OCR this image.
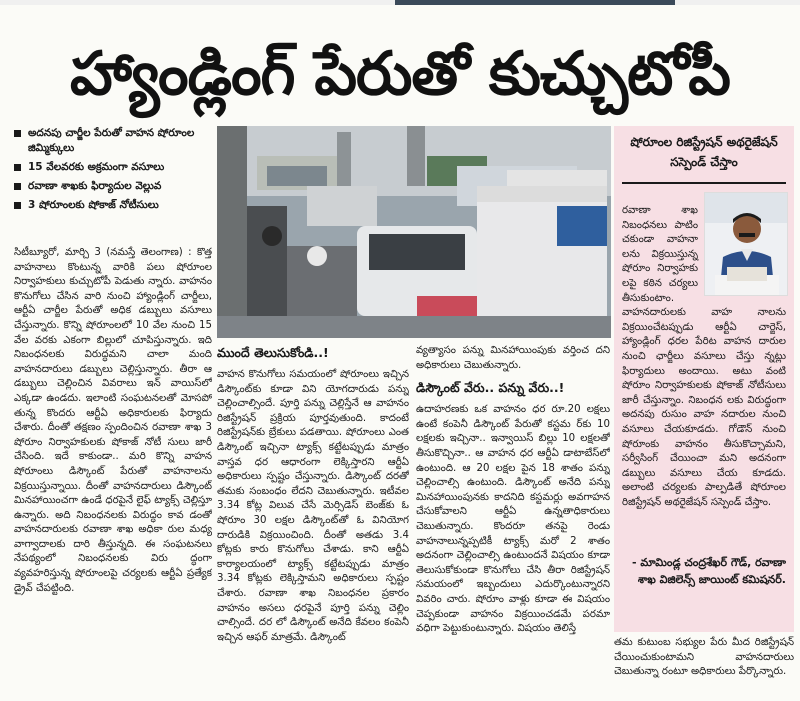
హ్యాండ్లింగ్ పేరుతో కుచ్చుటోపీ
అదనపు చార్జీల పేరుతో వాహన షోరూంల జిమ్మిక్కులు
15 వేలవరకు అక్రమంగా వసూలు
రవాణా శాఖకు ఫిర్యాదుల వెల్లువ
3 షోరూంలకు షోకాజ్ నోటీసులు

సిటీబ్యూరో, మార్చి 3 (నమస్తే తెలంగాణ) : కొత్త వాహనాలు కొంటున్న వారికి పలు షోరూంల నిర్వాహకులు కుచ్చుటోపీ పెడుతు న్నారు. వాహనం కొనుగోలు చేసిన వారి నుంచి హ్యాండ్లింగ్ చార్జీలు, ఆర్టీఏ చార్జీల పేరుతో అధిక డబ్బులు వసూలు చేస్తున్నారు. కొన్ని షోరూంలలో 10 వేల నుంచి 15 వేల వరకు ఎకంగా బిల్లులో చూపిస్తున్నారు. ఇది నిబంధనలకు విరుద్ధమని చాలా మంది వాహనదారులు డబ్బులు చెల్లిస్తున్నారు. తీరా ఆ డబ్బులు చెల్లించిన వివరాలు ఇన్ వాయిస్‌లో ఎక్కడా ఉండదు. ఇలాంటి సంఘటనలతో మోసపో తున్న కొందరు ఆర్టీఏ అధికారులకు ఫిర్యాదు చేశారు. దీంతో తక్షణం స్పందించిన రవాణా శాఖ 3 షోరూం నిర్వాహకులకు షోకాజ్ నోటీ సులు జారీ చేసింది. ఇదే కాకుండా.. మరి కొన్ని వాహన షోరూంలు డిస్కౌంట్ పేరుతో వాహనాలను విక్రయిస్తున్నాయి. దీంతో వాహనదారులు డిస్కౌంట్ మినహాయించగా ఉండే ధరపైనే లైఫ్ ట్యాక్స్ చెల్లిస్తూ ఉన్నారు. అది నిబంధనలకు విరుద్ధం కావ డంతో వాహనదారులకు రవాణా శాఖ అధికా రుల మధ్య వాగ్వాదాలకు దారి తీస్తున్నది. ఈ సంఘటనలు నేపథ్యంలో నిబంధనలకు విరు ద్ధంగా వ్యవహరిస్తున్న షోరూంలపై చర్యలకు ఆర్టీఏ ప్రత్యేక డ్రైవ్ చేపట్టింది.

ముందే తెలుసుకోండి..!

వాహన కొనుగోలు సమయంలో షోరూంలు ఇచ్చిన డిస్కౌంట్‌కు కూడా విని యోగదారుడు పన్ను చెల్లించాల్సిందే. పూర్తి పన్ను చెల్లిస్తేనే ఆ వాహనం రిజిస్ట్రేషన్ ప్రక్రియ పూర్తవుతుంది. కాదంటే రిజిస్ట్రేషన్‌కు బ్రేకులు పడతాయి. షోరూంలు ఎంత డిస్కౌంట్ ఇచ్చినా ట్యాక్స్ కట్టేటప్పుడు మాత్రం వాస్తవ ధర ఆధారంగా లెక్కిస్తారని ఆర్టీఏ అధికారులు స్పష్టం చేస్తున్నారు. డిస్కౌంట్ దరతో తమకు సంబంధం లేదని చెబుతున్నారు. ఇటీవల 3.34 కోట్ల విలువ చేసే మెర్సిడెస్ బెంజ్‌కు ఓ షోరూం 30 లక్షల డిస్కౌంట్‌తో ఓ వినియోగ దారుడికి విక్రయించింది. దీంతో అతడు 3.4 కోట్లకు కారు కొనుగోలు చేశాడు. కాని ఆర్టీఏ కార్యాలయంలో ట్యాక్స్ కట్టేటప్పుడు మాత్రం 3.34 కోట్లకు లెక్కిస్తామని అధికారులు స్పష్టం చేశారు. రవాణా శాఖ నిబంధనల ప్రకారం వాహనం అసలు ధరపైనే పూర్తి పన్ను చెల్లిం చాల్సిందే. దర లో డిస్కౌంట్ అనేది కేవలం కంపెనీ ఇచ్చిన ఆఫర్ మాత్రమే. డిస్కౌంట్

వ్యత్యాసం పన్ను మినహాయింపుకు వర్తించ దని అధికారులు చెబుతున్నారు.

డిస్కౌంట్ వేరు.. పన్ను వేరు..!

ఉదాహరణకు ఒక వాహనం ధర రూ.20 లక్షలు ఉంటే కంపెనీ డిస్కౌంట్ పేరుతో కస్టమ ర్‌కు 10 లక్షలకు ఇచ్చినా.. ఇన్వాయిస్ బిల్లు 10 లక్షలతో తీసుకొచ్చినా.. ఆ వాహన ధర ఆర్టీఏ డాటాబేస్‌లో ఉంటుంది. ఆ 20 లక్షల పైన 18 శాతం పన్ను చెల్లించాల్సి ఉంటుంది. డిస్కౌంట్ అనేది పన్ను మినహాయింపునకు కాదనిది కస్టమర్లు అవగాహన చేసుకోవాలని ఆర్టీఏ ఉన్నతాధికారులు చెబుతున్నారు. కొందరూ తనపై రెండు వాహనాలున్నప్పటికీ ట్యాక్స్ మరో 2 శాతం అదనంగా చెల్లించాల్సి ఉంటుందనే విషయం కూడా తెలుసుకోకుండా కొనుగోలు చేసి తీరా రిజిస్ట్రేషన్ సమయంలో ఇబ్బందులు ఎదుర్కొంటున్నారని వివరిం చారు. షోరూం వాళ్లు కూడా ఈ విషయం చెప్పకుండా వాహనం విక్రయించడమే పరమా వధిగా పెట్టుకుంటున్నారు. విషయం తెలిస్తే

షోరూంల రిజిస్ట్రేషన్ అథరైజేషన్ సస్పెండ్ చేస్తాం
రవాణా శాఖ నిబంధనలు పాటిం చకుండా వాహనా లను విక్రయిస్తున్న షోరూం నిర్వాహకు లపై కఠిన చర్యలు తీసుకుంటాం. వాహనదారులకు వాహ నాలను విక్రయించేటప్పుడు ఆర్టీఏ చార్జెస్, హ్యాండ్లింగ్ ధరల పేరిట వాహన దారుల నుంచి ఛార్జీలు వసూలు చేస్తు న్నట్లు ఫిర్యాదులు అందాయి. అటు వంటి షోరూం నిర్వాహకులకు షోకాజ్ నోటీసులు జారీ చేస్తున్నాం. నిబంధన లకు విరుద్ధంగా అదనపు రుసుం వాహ నదారుల నుంచి వసూలు చేయకూడదు. గోడౌన్ నుంచి షోరూంకు వాహనం తీసుకొచ్చామని, సర్వీసింగ్ చేయించా మని అదనంగా డబ్బులు వసూలు చేయ కూడదు. అలాంటి చర్యలకు పాల్పడితే షోరూంల రిజిస్ట్రేషన్ అథరైజేషన్ సస్పెండ్ చేస్తాం.
- మామిండ్ల చంద్రశేఖర్ గౌడ్, రవాణా శాఖ విజిలెన్స్ జాయింట్ కమిషనర్.

తమ కుటుంబ సభ్యుల పేరు మీద రిజిస్ట్రేషన్ చేయించుకుంటామని వాహనదారులు చెబుతున్నా రంటూ అధికారులు పేర్కొన్నారు.
